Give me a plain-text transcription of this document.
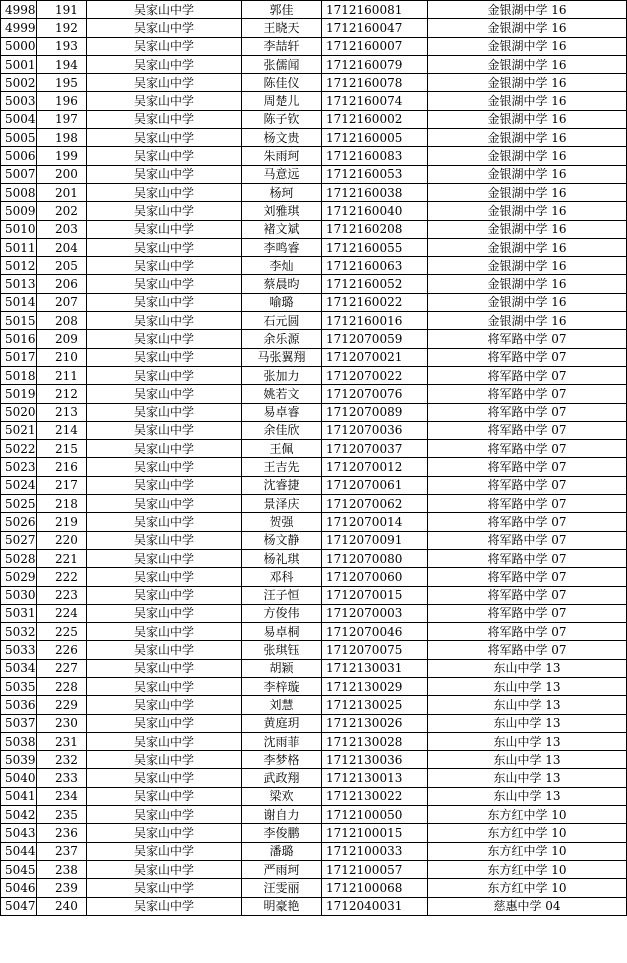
4998	191	吴家山中学	郭佳	1712160081	金银湖中学 16
4999	192	吴家山中学	王晓天	1712160047	金银湖中学 16
5000	193	吴家山中学	李喆轩	1712160007	金银湖中学 16
5001	194	吴家山中学	张儒闻	1712160079	金银湖中学 16
5002	195	吴家山中学	陈佳仪	1712160078	金银湖中学 16
5003	196	吴家山中学	周楚儿	1712160074	金银湖中学 16
5004	197	吴家山中学	陈子钦	1712160002	金银湖中学 16
5005	198	吴家山中学	杨文贵	1712160005	金银湖中学 16
5006	199	吴家山中学	朱雨珂	1712160083	金银湖中学 16
5007	200	吴家山中学	马意远	1712160053	金银湖中学 16
5008	201	吴家山中学	杨珂	1712160038	金银湖中学 16
5009	202	吴家山中学	刘雅琪	1712160040	金银湖中学 16
5010	203	吴家山中学	褚文斌	1712160208	金银湖中学 16
5011	204	吴家山中学	李鸣睿	1712160055	金银湖中学 16
5012	205	吴家山中学	李灿	1712160063	金银湖中学 16
5013	206	吴家山中学	蔡晨昀	1712160052	金银湖中学 16
5014	207	吴家山中学	喻璐	1712160022	金银湖中学 16
5015	208	吴家山中学	石元圆	1712160016	金银湖中学 16
5016	209	吴家山中学	余乐源	1712070059	将军路中学 07
5017	210	吴家山中学	马张翼翔	1712070021	将军路中学 07
5018	211	吴家山中学	张加力	1712070022	将军路中学 07
5019	212	吴家山中学	姚若文	1712070076	将军路中学 07
5020	213	吴家山中学	易卓睿	1712070089	将军路中学 07
5021	214	吴家山中学	余佳欣	1712070036	将军路中学 07
5022	215	吴家山中学	王佩	1712070037	将军路中学 07
5023	216	吴家山中学	王吉先	1712070012	将军路中学 07
5024	217	吴家山中学	沈睿捷	1712070061	将军路中学 07
5025	218	吴家山中学	景泽庆	1712070062	将军路中学 07
5026	219	吴家山中学	贺强	1712070014	将军路中学 07
5027	220	吴家山中学	杨文静	1712070091	将军路中学 07
5028	221	吴家山中学	杨礼琪	1712070080	将军路中学 07
5029	222	吴家山中学	邓科	1712070060	将军路中学 07
5030	223	吴家山中学	汪子恒	1712070015	将军路中学 07
5031	224	吴家山中学	方俊伟	1712070003	将军路中学 07
5032	225	吴家山中学	易卓桐	1712070046	将军路中学 07
5033	226	吴家山中学	张琪钰	1712070075	将军路中学 07
5034	227	吴家山中学	胡颖	1712130031	东山中学 13
5035	228	吴家山中学	李梓璇	1712130029	东山中学 13
5036	229	吴家山中学	刘慧	1712130025	东山中学 13
5037	230	吴家山中学	黄庭玥	1712130026	东山中学 13
5038	231	吴家山中学	沈雨菲	1712130028	东山中学 13
5039	232	吴家山中学	李梦格	1712130036	东山中学 13
5040	233	吴家山中学	武政翔	1712130013	东山中学 13
5041	234	吴家山中学	梁欢	1712130022	东山中学 13
5042	235	吴家山中学	谢自力	1712100050	东方红中学 10
5043	236	吴家山中学	李俊鹏	1712100015	东方红中学 10
5044	237	吴家山中学	潘璐	1712100033	东方红中学 10
5045	238	吴家山中学	严雨珂	1712100057	东方红中学 10
5046	239	吴家山中学	汪雯丽	1712100068	东方红中学 10
5047	240	吴家山中学	明豪艳	1712040031	慈惠中学 04
